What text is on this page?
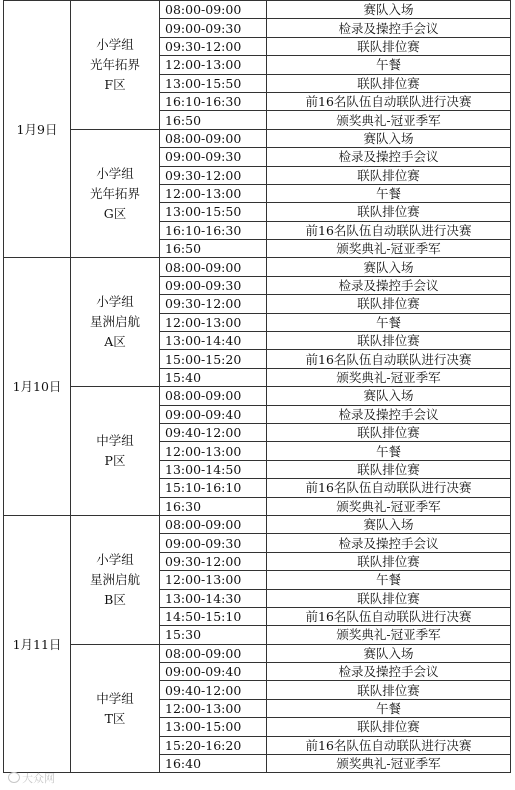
1月9日	小学组
光年拓界
F区	08:00-09:00	赛队入场
		09:00-09:30	检录及操控手会议
		09:30-12:00	联队排位赛
		12:00-13:00	午餐
		13:00-15:50	联队排位赛
		16:10-16:30	前16名队伍自动联队进行决赛
		16:50	颁奖典礼-冠亚季军

	小学组
光年拓界
G区	08:00-09:00	赛队入场
		09:00-09:30	检录及操控手会议
		09:30-12:00	联队排位赛
		12:00-13:00	午餐
		13:00-15:50	联队排位赛
		16:10-16:30	前16名队伍自动联队进行决赛
		16:50	颁奖典礼-冠亚季军
1月10日	小学组
星洲启航
A区	08:00-09:00	赛队入场
		09:00-09:30	检录及操控手会议
		09:30-12:00	联队排位赛
		12:00-13:00	午餐
		13:00-14:40	联队排位赛
		15:00-15:20	前16名队伍自动联队进行决赛
		15:40	颁奖典礼-冠亚季军

	中学组
P区	08:00-09:00	赛队入场
		09:00-09:40	检录及操控手会议
		09:40-12:00	联队排位赛
		12:00-13:00	午餐
		13:00-14:50	联队排位赛
		15:10-16:10	前16名队伍自动联队进行决赛
		16:30	颁奖典礼-冠亚季军
1月11日	小学组
星洲启航
B区	08:00-09:00	赛队入场
		09:00-09:30	检录及操控手会议
		09:30-12:00	联队排位赛
		12:00-13:00	午餐
		13:00-14:30	联队排位赛
		14:50-15:10	前16名队伍自动联队进行决赛
		15:30	颁奖典礼-冠亚季军

	中学组
T区	08:00-09:00	赛队入场
		09:00-09:40	检录及操控手会议
		09:40-12:00	联队排位赛
		12:00-13:00	午餐
		13:00-15:00	联队排位赛
		15:20-16:20	前16名队伍自动联队进行决赛
		16:40	颁奖典礼-冠亚季军
大众网
